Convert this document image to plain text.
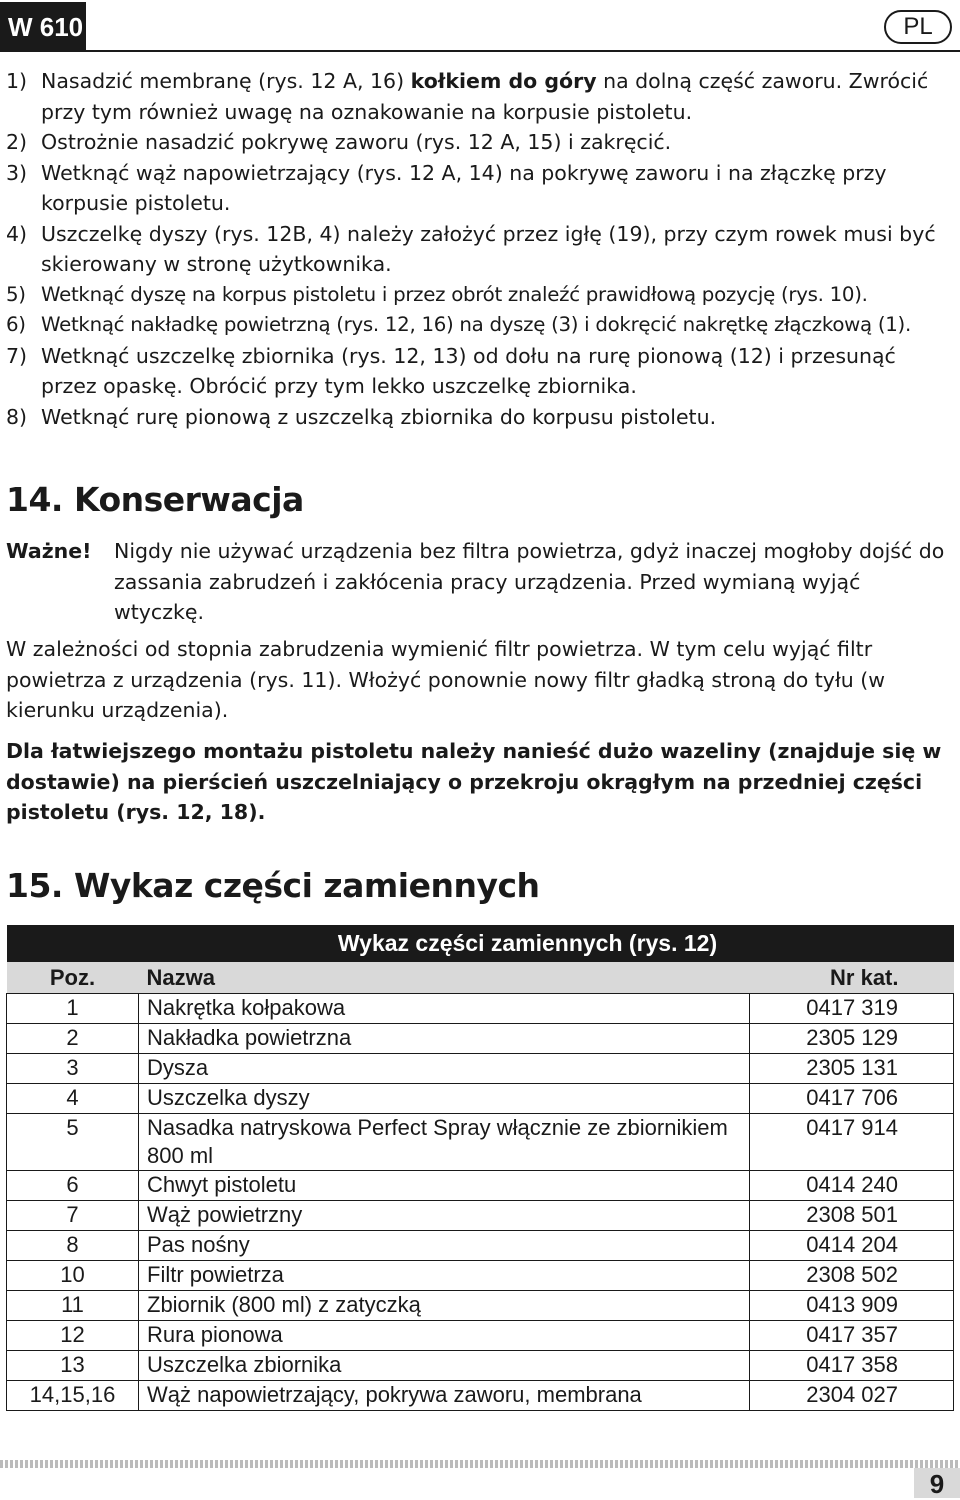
W 610	PL
1) Nasadzić membranę (rys. 12 A, 16) kołkiem do góry na dolną część zaworu. Zwrócić przy tym również uwagę na oznakowanie na korpusie pistoletu.
2) Ostrożnie nasadzić pokrywę zaworu (rys. 12 A, 15) i zakręcić.
3) Wetknąć wąż napowietrzający (rys. 12 A, 14) na pokrywę zaworu i na złączkę przy korpusie pistoletu.
4) Uszczelkę dyszy (rys. 12B, 4) należy założyć przez igłę (19), przy czym rowek musi być skierowany w stronę użytkownika.
5) Wetknąć dyszę na korpus pistoletu i przez obrót znaleźć prawidłową pozycję (rys. 10).
6) Wetknąć nakładkę powietrzną (rys. 12, 16) na dyszę (3) i dokręcić nakrętkę złączkową (1).
7) Wetknąć uszczelkę zbiornika (rys. 12, 13) od dołu na rurę pionową (12) i przesunąć przez opaskę. Obrócić przy tym lekko uszczelkę zbiornika.
8) Wetknąć rurę pionową z uszczelką zbiornika do korpusu pistoletu.
14. Konserwacja
Ważne!	Nigdy nie używać urządzenia bez filtra powietrza, gdyż inaczej mogłoby dojść do zassania zabrudzeń i zakłócenia pracy urządzenia. Przed wymianą wyjąć wtyczkę.
W zależności od stopnia zabrudzenia wymienić filtr powietrza. W tym celu wyjąć filtr powietrza z urządzenia (rys. 11). Włożyć ponownie nowy filtr gładką stroną do tyłu (w kierunku urządzenia).
Dla łatwiejszego montażu pistoletu należy nanieść dużo wazeliny (znajduje się w dostawie) na pierścień uszczelniający o przekroju okrągłym na przedniej części pistoletu (rys. 12, 18).
15. Wykaz części zamiennych
Wykaz części zamiennych (rys. 12)		
Poz.	Nazwa	Nr kat.
1	Nakrętka kołpakowa	0417 319
2	Nakładka powietrzna	2305 129
3	Dysza	2305 131
4	Uszczelka dyszy	0417 706
5	Nasadka natryskowa Perfect Spray włącznie ze zbiornikiem 800 ml	0417 914
6	Chwyt pistoletu	0414 240
7	Wąż powietrzny	2308 501
8	Pas nośny	0414 204
10	Filtr powietrza	2308 502
11	Zbiornik (800 ml) z zatyczką	0413 909
12	Rura pionowa	0417 357
13	Uszczelka zbiornika	0417 358
14,15,16	Wąż napowietrzający, pokrywa zaworu, membrana	2304 027
9
